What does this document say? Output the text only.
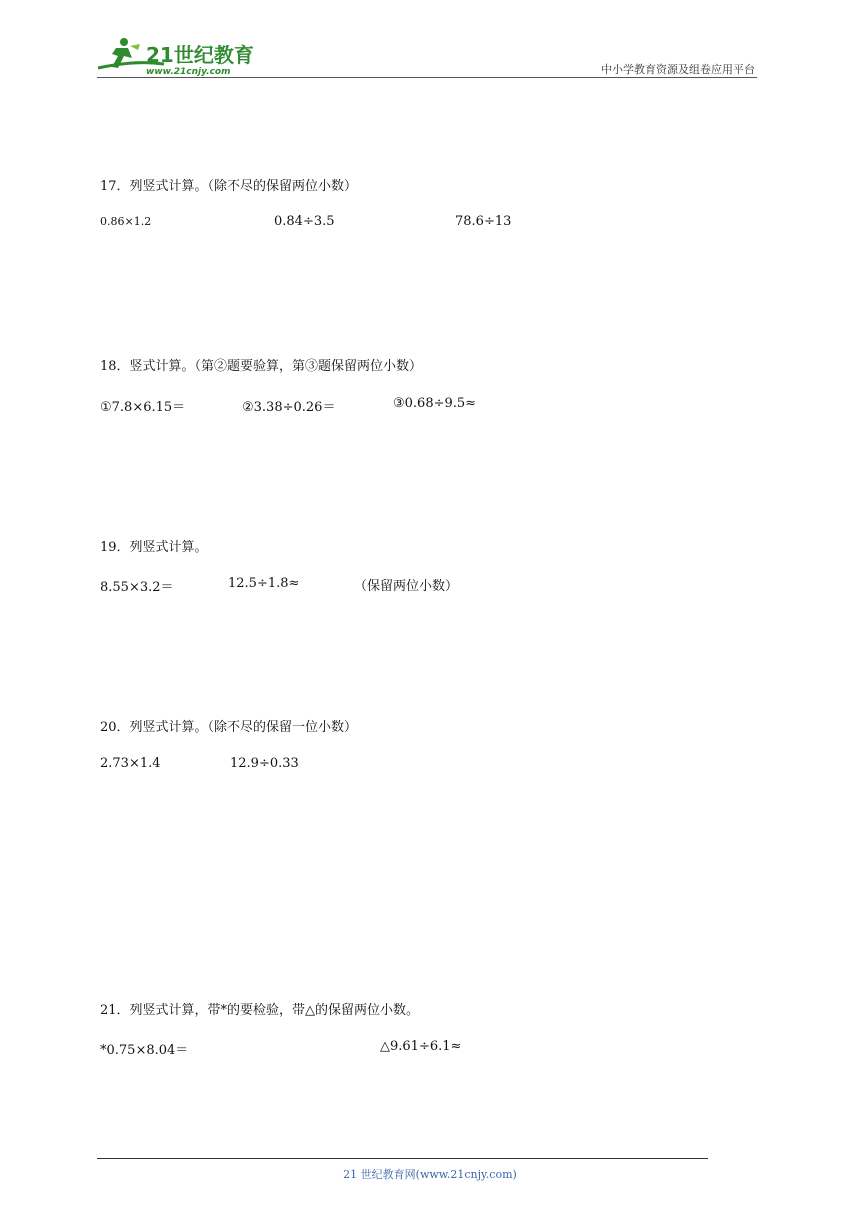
21世纪教育
www.21cnjy.com	中小学教育资源及组卷应用平台
17．列竖式计算。（除不尽的保留两位小数）
0.86×1.2	0.84÷3.5	78.6÷13
18．竖式计算。（第②题要验算，第③题保留两位小数）
①7.8×6.15＝	②3.38÷0.26＝	③0.68÷9.5≈
19．列竖式计算。
8.55×3.2＝	12.5÷1.8≈	（保留两位小数）
20．列竖式计算。（除不尽的保留一位小数）
2.73×1.4	12.9÷0.33
21．列竖式计算，带*的要检验，带△的保留两位小数。
*0.75×8.04＝	△9.61÷6.1≈
21 世纪教育网(www.21cnjy.com)
